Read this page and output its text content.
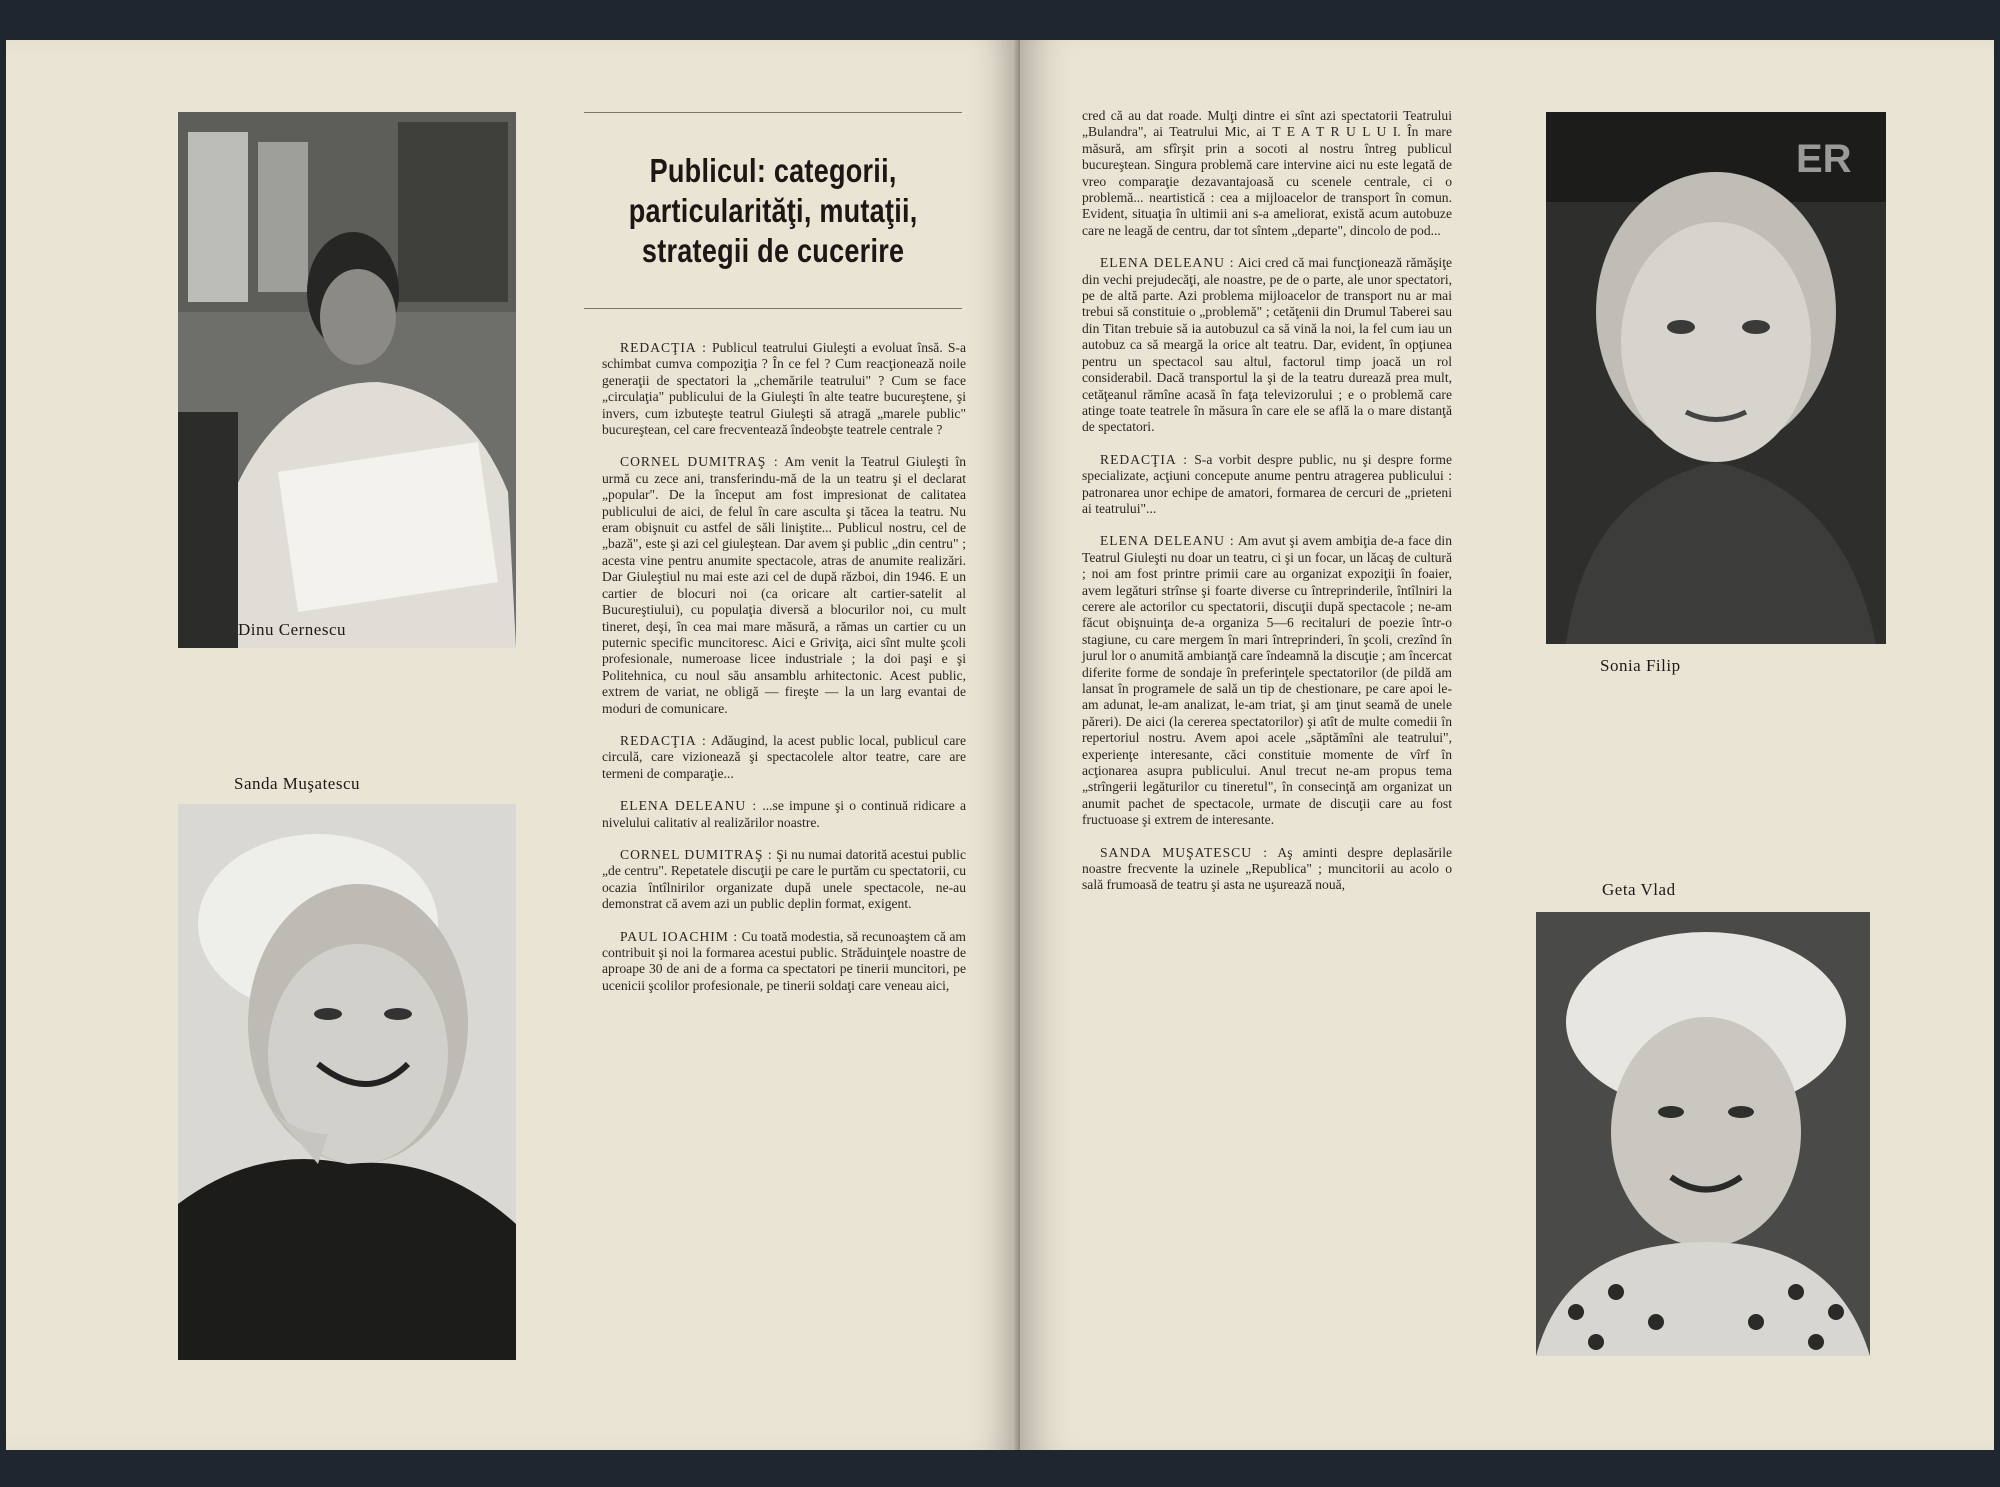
Dinu Cernescu
Sanda Muşatescu
Publicul: categorii,
particularităţi, mutaţii,
strategii de cucerire

REDACŢIA : Publicul teatrului Giuleşti a evoluat însă. S-a schimbat cumva compoziţia ? În ce fel ? Cum reacţionează noile generaţii de spectatori la „chemările teatrului" ? Cum se face „circulaţia" publicului de la Giuleşti în alte teatre bucureştene, şi invers, cum izbuteşte teatrul Giuleşti să atragă „marele public" bucureştean, cel care frecventează îndeobşte teatrele centrale ?

CORNEL DUMITRAŞ : Am venit la Teatrul Giuleşti în urmă cu zece ani, transferindu-mă de la un teatru şi el declarat „popular". De la început am fost impresionat de calitatea publicului de aici, de felul în care asculta şi tăcea la teatru. Nu eram obişnuit cu astfel de săli liniştite... Publicul nostru, cel de „bază", este şi azi cel giuleştean. Dar avem şi public „din centru" ; acesta vine pentru anumite spectacole, atras de anumite realizări. Dar Giuleştiul nu mai este azi cel de după război, din 1946. E un cartier de blocuri noi (ca oricare alt cartier-satelit al Bucureştiului), cu populaţia diversă a blocurilor noi, cu mult tineret, deşi, în cea mai mare măsură, a rămas un cartier cu un puternic specific muncitoresc. Aici e Griviţa, aici sînt multe şcoli profesionale, numeroase licee industriale ; la doi paşi e şi Politehnica, cu noul său ansamblu arhitectonic. Acest public, extrem de variat, ne obligă — fireşte — la un larg evantai de moduri de comunicare.

REDACŢIA : Adăugind, la acest public local, publicul care circulă, care vizionează şi spectacolele altor teatre, care are termeni de comparaţie...

ELENA DELEANU : ...se impune şi o continuă ridicare a nivelului calitativ al realizărilor noastre.

CORNEL DUMITRAŞ : Şi nu numai datorită acestui public „de centru". Repetatele discuţii pe care le purtăm cu spectatorii, cu ocazia întîlnirilor organizate după unele spectacole, ne-au demonstrat că avem azi un public deplin format, exigent.

PAUL IOACHIM : Cu toată modestia, să recunoaştem că am contribuit şi noi la formarea acestui public. Străduinţele noastre de aproape 30 de ani de a forma ca spectatori pe tinerii muncitori, pe ucenicii şcolilor profesionale, pe tinerii soldaţi care veneau aici,

cred că au dat roade. Mulţi dintre ei sînt azi spectatorii Teatrului „Bulandra", ai Teatrului Mic, ai T E A T R U L U I. În mare măsură, am sfîrşit prin a socoti al nostru întreg publicul bucureştean. Singura problemă care intervine aici nu este legată de vreo comparaţie dezavantajoasă cu scenele centrale, ci o problemă... neartistică : cea a mijloacelor de transport în comun. Evident, situaţia în ultimii ani s-a ameliorat, există acum autobuze care ne leagă de centru, dar tot sîntem „departe", dincolo de pod...

ELENA DELEANU : Aici cred că mai funcţionează rămăşiţe din vechi prejudecăţi, ale noastre, pe de o parte, ale unor spectatori, pe de altă parte. Azi problema mijloacelor de transport nu ar mai trebui să constituie o „problemă" ; cetăţenii din Drumul Taberei sau din Titan trebuie să ia autobuzul ca să vină la noi, la fel cum iau un autobuz ca să meargă la orice alt teatru. Dar, evident, în opţiunea pentru un spectacol sau altul, factorul timp joacă un rol considerabil. Dacă transportul la şi de la teatru durează prea mult, cetăţeanul rămîne acasă în faţa televizorului ; e o problemă care atinge toate teatrele în măsura în care ele se află la o mare distanţă de spectatori.

REDACŢIA : S-a vorbit despre public, nu şi despre forme specializate, acţiuni concepute anume pentru atragerea publicului : patronarea unor echipe de amatori, formarea de cercuri de „prieteni ai teatrului"...

ELENA DELEANU : Am avut şi avem ambiţia de-a face din Teatrul Giuleşti nu doar un teatru, ci şi un focar, un lăcaş de cultură ; noi am fost printre primii care au organizat expoziţii în foaier, avem legături strînse şi foarte diverse cu întreprinderile, întîlniri la cerere ale actorilor cu spectatorii, discuţii după spectacole ; ne-am făcut obişnuinţa de-a organiza 5—6 recitaluri de poezie într-o stagiune, cu care mergem în mari întreprinderi, în şcoli, crezînd în jurul lor o anumită ambianţă care îndeamnă la discuţie ; am încercat diferite forme de sondaje în preferinţele spectatorilor (de pildă am lansat în programele de sală un tip de chestionare, pe care apoi le-am adunat, le-am analizat, le-am triat, şi am ţinut seamă de unele păreri). De aici (la cererea spectatorilor) şi atît de multe comedii în repertoriul nostru. Avem apoi acele „săptămîni ale teatrului", experienţe interesante, căci constituie momente de vîrf în acţionarea asupra publicului. Anul trecut ne-am propus tema „strîngerii legăturilor cu tineretul", în consecinţă am organizat un anumit pachet de spectacole, urmate de discuţii care au fost fructuoase şi extrem de interesante.

SANDA MUŞATESCU : Aş aminti despre deplasările noastre frecvente la uzinele „Republica" ; muncitorii au acolo o sală frumoasă de teatru şi asta ne uşurează nouă,

ER
Sonia Filip
Geta Vlad
